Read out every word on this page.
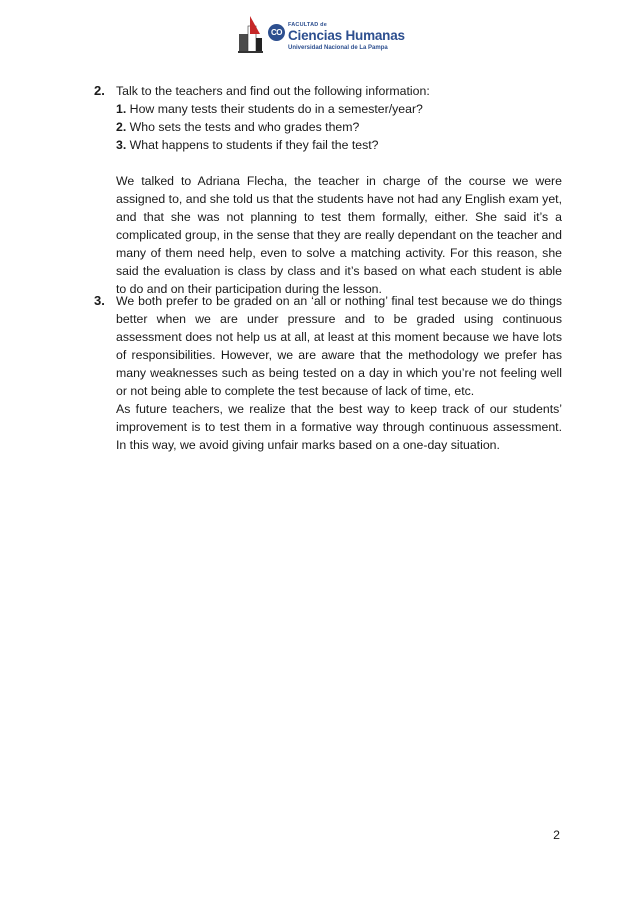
CO
FACULTAD de
Ciencias Humanas
Universidad Nacional de La Pampa
2. Talk to the teachers and find out the following information:

1. How many tests their students do in a semester/year?

2. Who sets the tests and who grades them?

3. What happens to students if they fail the test?

We talked to Adriana Flecha, the teacher in charge of the course we were assigned to, and she told us that the students have not had any English exam yet, and that she was not planning to test them formally, either. She said it’s a complicated group, in the sense that they are really dependant on the teacher and many of them need help, even to solve a matching activity. For this reason, she said the evaluation is class by class and it’s based on what each student is able to do and on their participation during the lesson.

3. We both prefer to be graded on an ‘all or nothing’ final test because we do things better when we are under pressure and to be graded using continuous assessment does not help us at all, at least at this moment because we have lots of responsibilities. However, we are aware that the methodology we prefer has many weaknesses such as being tested on a day in which you’re not feeling well or not being able to complete the test because of lack of time, etc.

As future teachers, we realize that the best way to keep track of our students’ improvement is to test them in a formative way through continuous assessment. In this way, we avoid giving unfair marks based on a one-day situation.

2
